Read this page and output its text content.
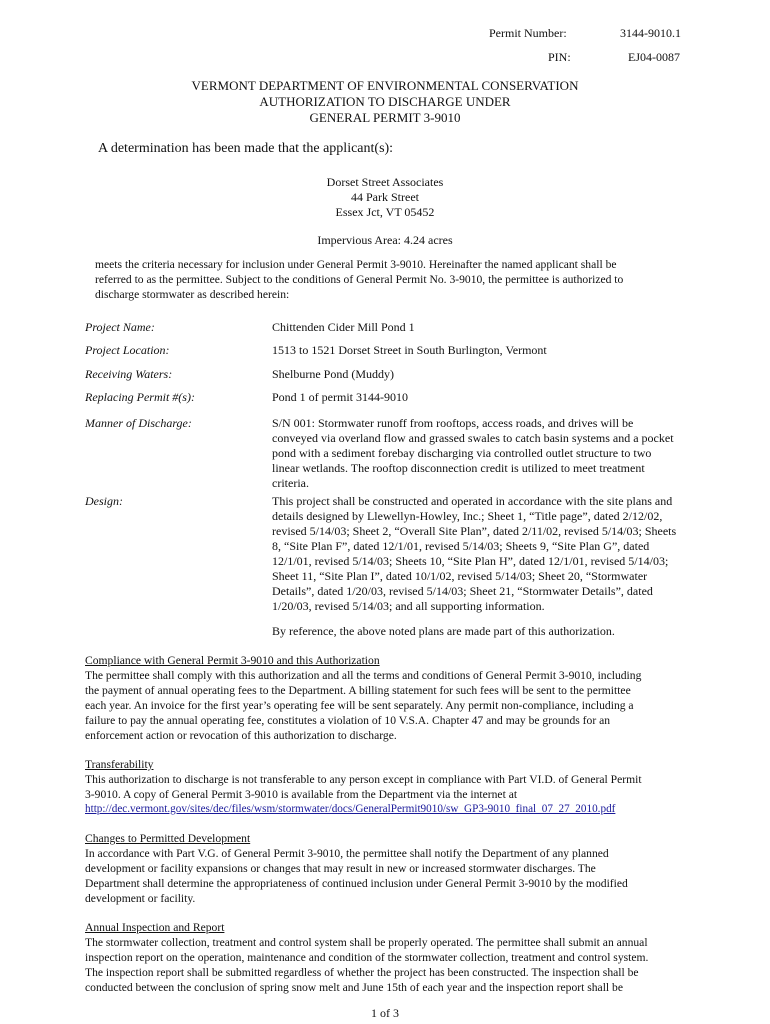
Permit Number:	3144-9010.1
PIN:	EJ04-0087
VERMONT DEPARTMENT OF ENVIRONMENTAL CONSERVATION
AUTHORIZATION TO DISCHARGE UNDER
GENERAL PERMIT 3-9010
A determination has been made that the applicant(s):
Dorset Street Associates
44 Park Street
Essex Jct, VT 05452
Impervious Area: 4.24 acres
meets the criteria necessary for inclusion under General Permit 3-9010. Hereinafter the named applicant shall be
referred to as the permittee. Subject to the conditions of General Permit No. 3-9010, the permittee is authorized to
discharge stormwater as described herein:
Project Name:	Chittenden Cider Mill Pond 1
Project Location:	1513 to 1521 Dorset Street in South Burlington, Vermont
Receiving Waters:	Shelburne Pond (Muddy)
Replacing Permit #(s):	Pond 1 of permit 3144-9010
Manner of Discharge:	S/N 001: Stormwater runoff from rooftops, access roads, and drives will be
conveyed via overland flow and grassed swales to catch basin systems and a pocket
pond with a sediment forebay discharging via controlled outlet structure to two
linear wetlands. The rooftop disconnection credit is utilized to meet treatment
criteria.
Design:	This project shall be constructed and operated in accordance with the site plans and
details designed by Llewellyn-Howley, Inc.; Sheet 1, “Title page”, dated 2/12/02,
revised 5/14/03; Sheet 2, “Overall Site Plan”, dated 2/11/02, revised 5/14/03; Sheets
8, “Site Plan F”, dated 12/1/01, revised 5/14/03; Sheets 9, “Site Plan G”, dated
12/1/01, revised 5/14/03; Sheets 10, “Site Plan H”, dated 12/1/01, revised 5/14/03;
Sheet 11, “Site Plan I”, dated 10/1/02, revised 5/14/03; Sheet 20, “Stormwater
Details”, dated 1/20/03, revised 5/14/03; Sheet 21, “Stormwater Details”, dated
1/20/03, revised 5/14/03; and all supporting information.
By reference, the above noted plans are made part of this authorization.
Compliance with General Permit 3-9010 and this Authorization
The permittee shall comply with this authorization and all the terms and conditions of General Permit 3-9010, including
the payment of annual operating fees to the Department. A billing statement for such fees will be sent to the permittee
each year. An invoice for the first year’s operating fee will be sent separately. Any permit non-compliance, including a
failure to pay the annual operating fee, constitutes a violation of 10 V.S.A. Chapter 47 and may be grounds for an
enforcement action or revocation of this authorization to discharge.
Transferability
This authorization to discharge is not transferable to any person except in compliance with Part VI.D. of General Permit
3-9010. A copy of General Permit 3-9010 is available from the Department via the internet at
http://dec.vermont.gov/sites/dec/files/wsm/stormwater/docs/GeneralPermit9010/sw_GP3-9010_final_07_27_2010.pdf
Changes to Permitted Development
In accordance with Part V.G. of General Permit 3-9010, the permittee shall notify the Department of any planned
development or facility expansions or changes that may result in new or increased stormwater discharges. The
Department shall determine the appropriateness of continued inclusion under General Permit 3-9010 by the modified
development or facility.
Annual Inspection and Report
The stormwater collection, treatment and control system shall be properly operated. The permittee shall submit an annual
inspection report on the operation, maintenance and condition of the stormwater collection, treatment and control system.
The inspection report shall be submitted regardless of whether the project has been constructed. The inspection shall be
conducted between the conclusion of spring snow melt and June 15th of each year and the inspection report shall be
1 of 3
